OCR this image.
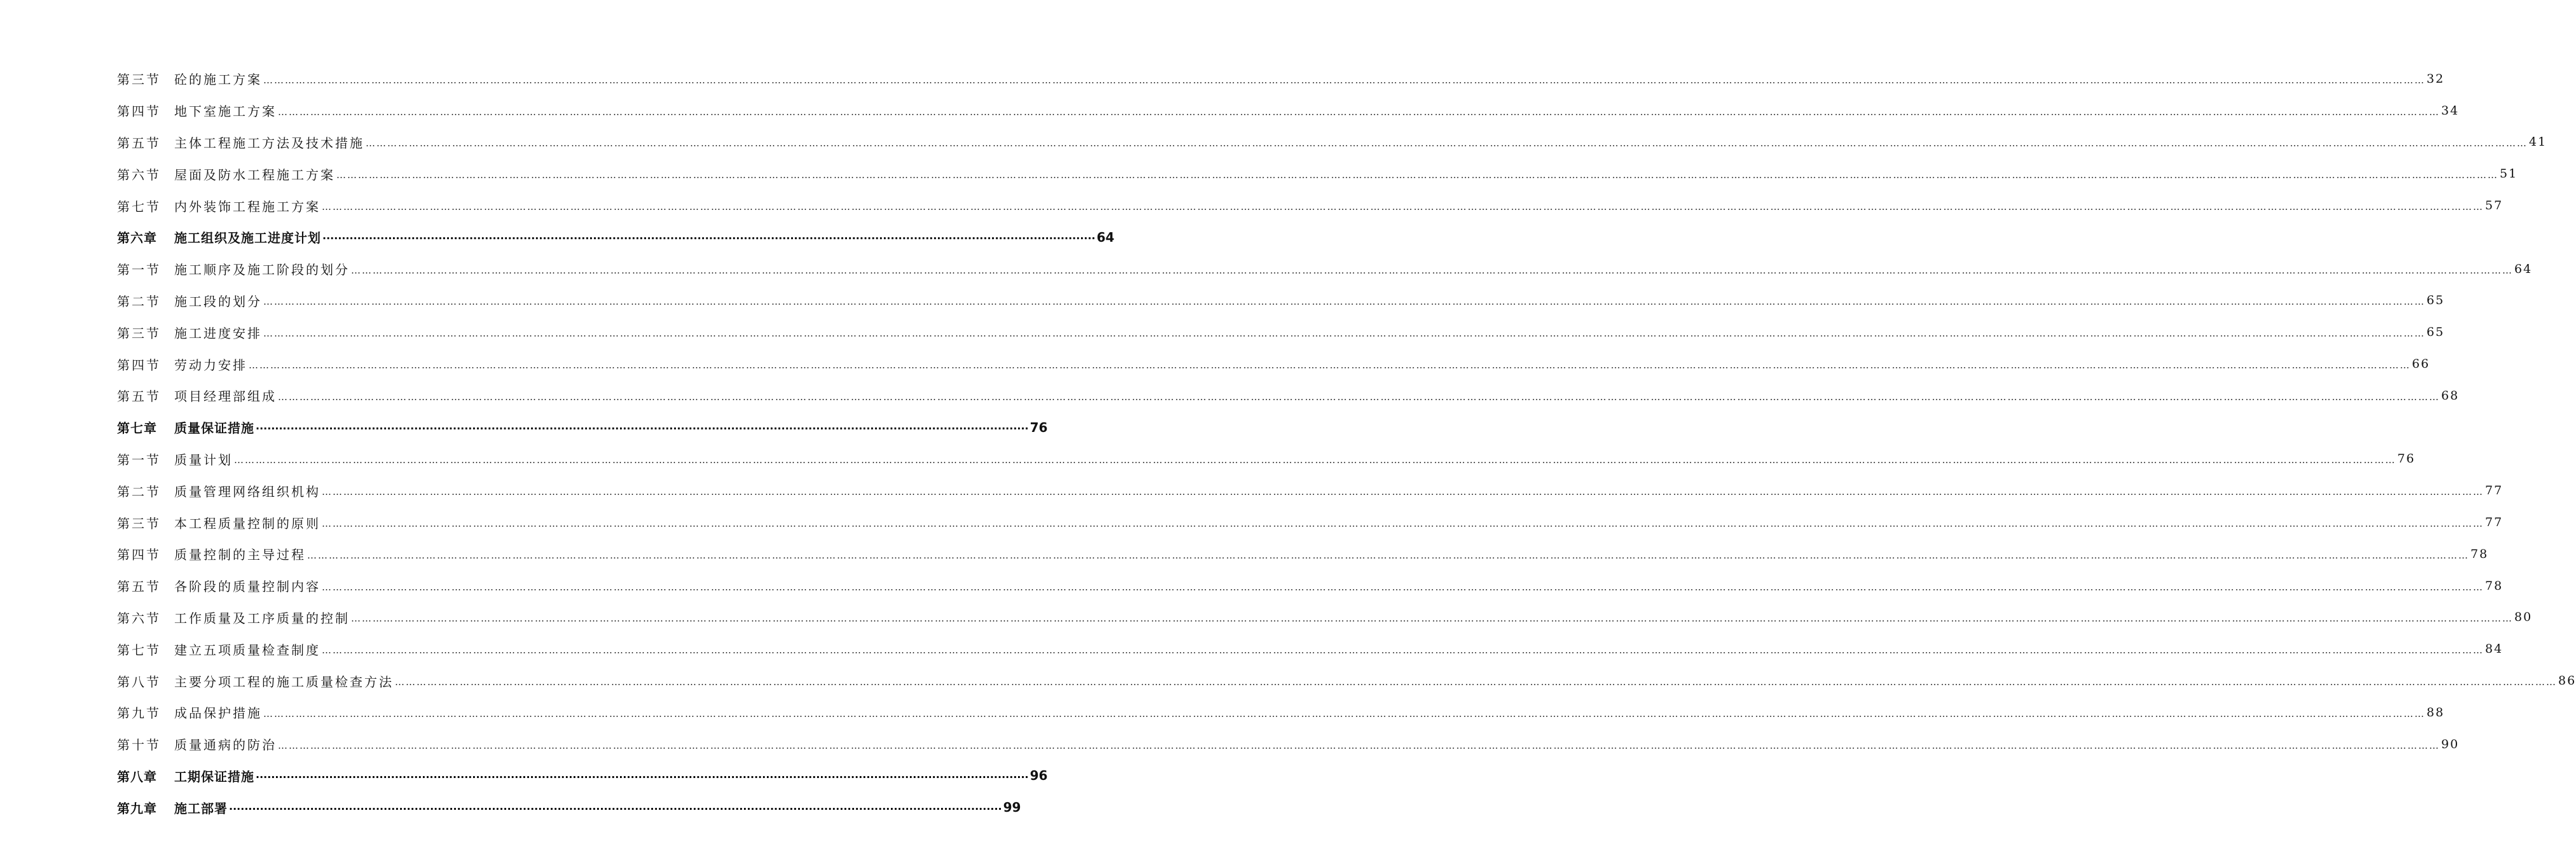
第三节	砼的施工方案 …………………………………………………………………………………………………………………………………………………………………………………………………………………………………………………………………………………………………………………………………………………………………………………………………………………………………………………………………………………………………………………………………………………… 32
第四节	地下室施工方案 …………………………………………………………………………………………………………………………………………………………………………………………………………………………………………………………………………………………………………………………………………………………………………………………………………………………………………………………………………………………………………………………………………………… 34
第五节	主体工程施工方法及技术措施 …………………………………………………………………………………………………………………………………………………………………………………………………………………………………………………………………………………………………………………………………………………………………………………………………………………………………………………………………………………………………………………………………………………… 41
第六节	屋面及防水工程施工方案 …………………………………………………………………………………………………………………………………………………………………………………………………………………………………………………………………………………………………………………………………………………………………………………………………………………………………………………………………………………………………………………………………………………… 51
第七节	内外装饰工程施工方案 …………………………………………………………………………………………………………………………………………………………………………………………………………………………………………………………………………………………………………………………………………………………………………………………………………………………………………………………………………………………………………………………………………………… 57
第六章	施工组织及施工进度计划 ········································································································································································································ 64
第一节	施工顺序及施工阶段的划分 …………………………………………………………………………………………………………………………………………………………………………………………………………………………………………………………………………………………………………………………………………………………………………………………………………………………………………………………………………………………………………………………………………………… 64
第二节	施工段的划分 …………………………………………………………………………………………………………………………………………………………………………………………………………………………………………………………………………………………………………………………………………………………………………………………………………………………………………………………………………………………………………………………………………………… 65
第三节	施工进度安排 …………………………………………………………………………………………………………………………………………………………………………………………………………………………………………………………………………………………………………………………………………………………………………………………………………………………………………………………………………………………………………………………………………………… 65
第四节	劳动力安排 …………………………………………………………………………………………………………………………………………………………………………………………………………………………………………………………………………………………………………………………………………………………………………………………………………………………………………………………………………………………………………………………………………………… 66
第五节	项目经理部组成 …………………………………………………………………………………………………………………………………………………………………………………………………………………………………………………………………………………………………………………………………………………………………………………………………………………………………………………………………………………………………………………………………………………… 68
第七章	质量保证措施 ········································································································································································································ 76
第一节	质量计划 …………………………………………………………………………………………………………………………………………………………………………………………………………………………………………………………………………………………………………………………………………………………………………………………………………………………………………………………………………………………………………………………………………………… 76
第二节	质量管理网络组织机构 …………………………………………………………………………………………………………………………………………………………………………………………………………………………………………………………………………………………………………………………………………………………………………………………………………………………………………………………………………………………………………………………………………………… 77
第三节	本工程质量控制的原则 …………………………………………………………………………………………………………………………………………………………………………………………………………………………………………………………………………………………………………………………………………………………………………………………………………………………………………………………………………………………………………………………………………………… 77
第四节	质量控制的主导过程 …………………………………………………………………………………………………………………………………………………………………………………………………………………………………………………………………………………………………………………………………………………………………………………………………………………………………………………………………………………………………………………………………………………… 78
第五节	各阶段的质量控制内容 …………………………………………………………………………………………………………………………………………………………………………………………………………………………………………………………………………………………………………………………………………………………………………………………………………………………………………………………………………………………………………………………………………………… 78
第六节	工作质量及工序质量的控制 …………………………………………………………………………………………………………………………………………………………………………………………………………………………………………………………………………………………………………………………………………………………………………………………………………………………………………………………………………………………………………………………………………………… 80
第七节	建立五项质量检查制度 …………………………………………………………………………………………………………………………………………………………………………………………………………………………………………………………………………………………………………………………………………………………………………………………………………………………………………………………………………………………………………………………………………………… 84
第八节	主要分项工程的施工质量检查方法 …………………………………………………………………………………………………………………………………………………………………………………………………………………………………………………………………………………………………………………………………………………………………………………………………………………………………………………………………………………………………………………………………………………… 86
第九节	成品保护措施 …………………………………………………………………………………………………………………………………………………………………………………………………………………………………………………………………………………………………………………………………………………………………………………………………………………………………………………………………………………………………………………………………………………… 88
第十节	质量通病的防治 …………………………………………………………………………………………………………………………………………………………………………………………………………………………………………………………………………………………………………………………………………………………………………………………………………………………………………………………………………………………………………………………………………………… 90
第八章	工期保证措施 ········································································································································································································ 96
第九章	施工部署 ········································································································································································································ 99
